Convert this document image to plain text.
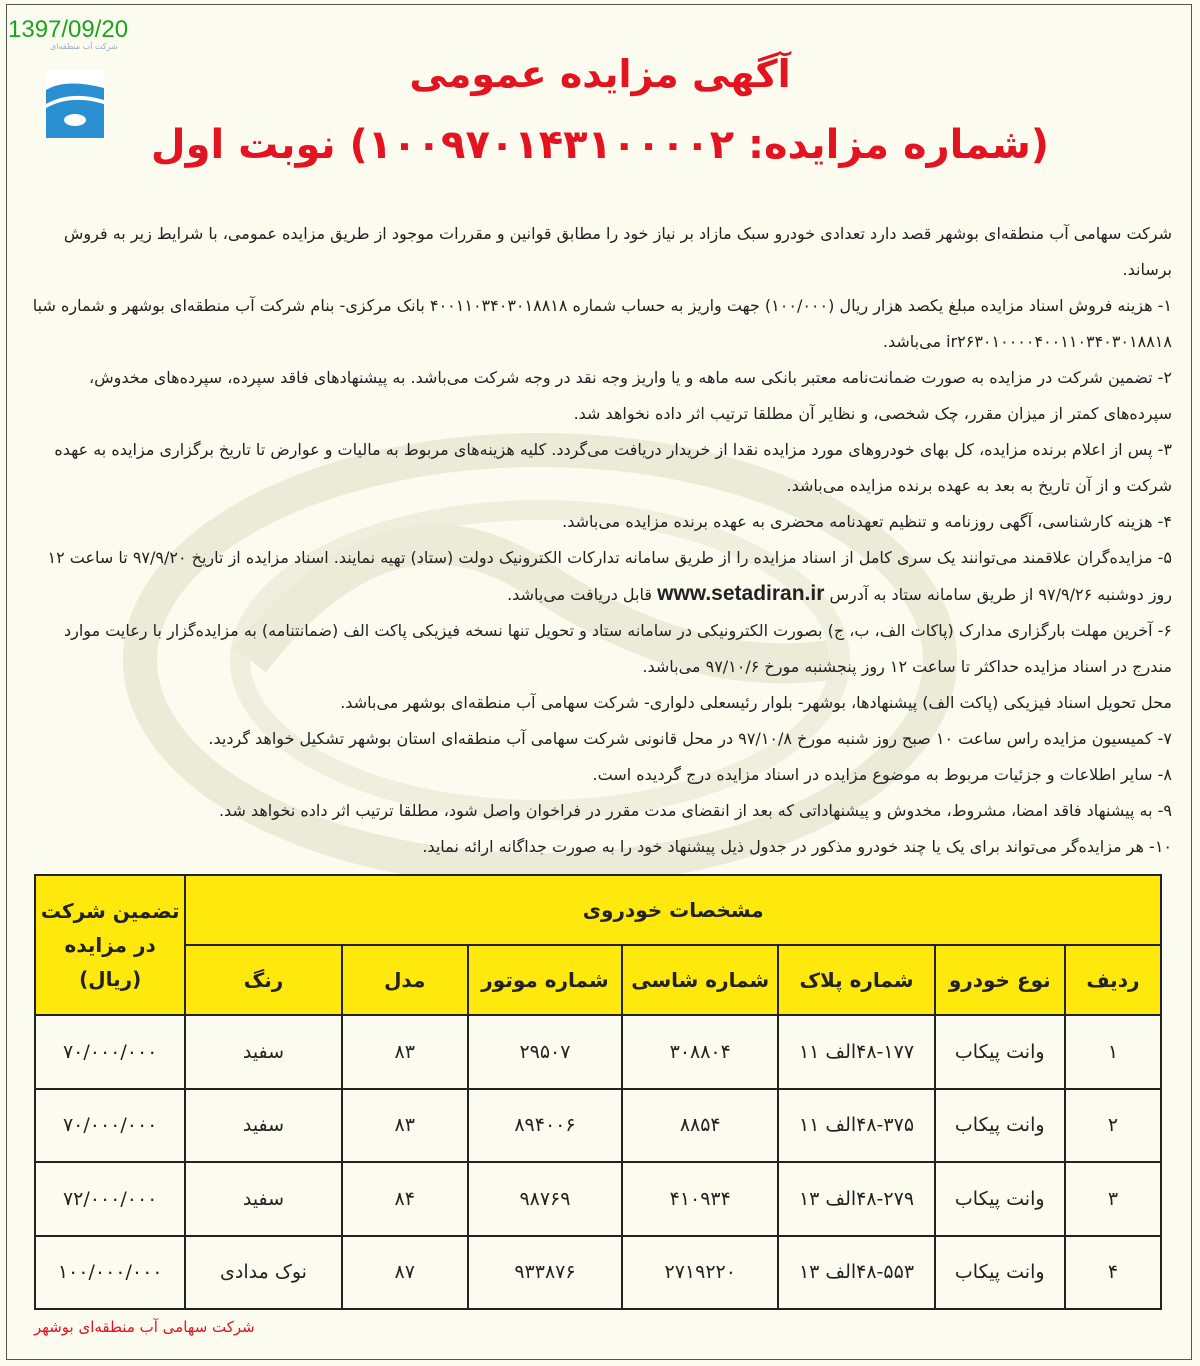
1397/09/20
شرکت آب منطقه‌ای
آگهی مزایده عمومی
(شماره مزایده: ۱۰۰۹۷۰۱۴۳۱۰۰۰۰۲) نوبت اول

شرکت سهامی آب منطقه‌ای بوشهر قصد دارد تعدادی خودرو سبک مازاد بر نیاز خود را مطابق قوانین و مقررات موجود از طریق مزایده عمومی، با شرایط زیر به فروش برساند.

۱- هزینه فروش اسناد مزایده مبلغ یکصد هزار ریال (۱۰۰/۰۰۰) جهت واریز به حساب شماره ۴۰۰۱۱۰۳۴۰۳۰۱۸۸۱۸ بانک مرکزی- بنام شرکت آب منطقه‌ای بوشهر و شماره شبا ir۲۶۳۰۱۰۰۰۰۴۰۰۱۱۰۳۴۰۳۰۱۸۸۱۸ می‌باشد.

۲- تضمین شرکت در مزایده به صورت ضمانت‌نامه معتبر بانکی سه ماهه و یا واریز وجه نقد در وجه شرکت می‌باشد. به پیشنهادهای فاقد سپرده، سپرده‌های مخدوش، سپرده‌های کمتر از میزان مقرر، چک شخصی، و نظایر آن مطلقا ترتیب اثر داده نخواهد شد.

۳- پس از اعلام برنده مزایده، کل بهای خودروهای مورد مزایده نقدا از خریدار دریافت می‌گردد. کلیه هزینه‌های مربوط به مالیات و عوارض تا تاریخ برگزاری مزایده به عهده شرکت و از آن تاریخ به بعد به عهده برنده مزایده می‌باشد.

۴- هزینه کارشناسی، آگهی روزنامه و تنظیم تعهدنامه محضری به عهده برنده مزایده می‌باشد.

۵- مزایده‌گران علاقمند می‌توانند یک سری کامل از اسناد مزایده را از طریق سامانه تدارکات الکترونیک دولت (ستاد) تهیه نمایند. اسناد مزایده از تاریخ ۹۷/۹/۲۰ تا ساعت ۱۲ روز دوشنبه ۹۷/۹/۲۶ از طریق سامانه ستاد به آدرس www.setadiran.ir قابل دریافت می‌باشد.

۶- آخرین مهلت بارگزاری مدارک (پاکات الف، ب، ج) بصورت الکترونیکی در سامانه ستاد و تحویل تنها نسخه فیزیکی پاکت الف (ضمانتنامه) به مزایده‌گزار با رعایت موارد مندرج در اسناد مزایده حداکثر تا ساعت ۱۲ روز پنجشنبه مورخ ۹۷/۱۰/۶ می‌باشد.

محل تحویل اسناد فیزیکی (پاکت الف) پیشنهادها، بوشهر- بلوار رئیسعلی دلواری- شرکت سهامی آب منطقه‌ای بوشهر می‌باشد.

۷- کمیسیون مزایده راس ساعت ۱۰ صبح روز شنبه مورخ ۹۷/۱۰/۸ در محل قانونی شرکت سهامی آب منطقه‌ای استان بوشهر تشکیل خواهد گردید.

۸- سایر اطلاعات و جزئیات مربوط به موضوع مزایده در اسناد مزایده درج گردیده است.

۹- به پیشنهاد فاقد امضا، مشروط، مخدوش و پیشنهاداتی که بعد از انقضای مدت مقرر در فراخوان واصل شود، مطلقا ترتیب اثر داده نخواهد شد.

۱۰- هر مزایده‌گر می‌تواند برای یک یا چند خودرو مذکور در جدول ذیل پیشنهاد خود را به صورت جداگانه ارائه نماید.

مشخصات خودروی							تضمین شرکت در مزایده (ریال)
ردیف	نوع خودرو	شماره پلاک	شماره شاسی	شماره موتور	مدل	رنگ	
۱	وانت پیکاب	۴۸-۱۷۷الف ۱۱	۳۰۸۸۰۴	۲۹۵۰۷	۸۳	سفید	۷۰/۰۰۰/۰۰۰
۲	وانت پیکاب	۴۸-۳۷۵الف ۱۱	۸۸۵۴	۸۹۴۰۰۶	۸۳	سفید	۷۰/۰۰۰/۰۰۰
۳	وانت پیکاب	۴۸-۲۷۹الف ۱۳	۴۱۰۹۳۴	۹۸۷۶۹	۸۴	سفید	۷۲/۰۰۰/۰۰۰
۴	وانت پیکاب	۴۸-۵۵۳الف ۱۳	۲۷۱۹۲۲۰	۹۳۳۸۷۶	۸۷	نوک مدادی	۱۰۰/۰۰۰/۰۰۰
شرکت سهامی آب منطقه‌ای بوشهر
